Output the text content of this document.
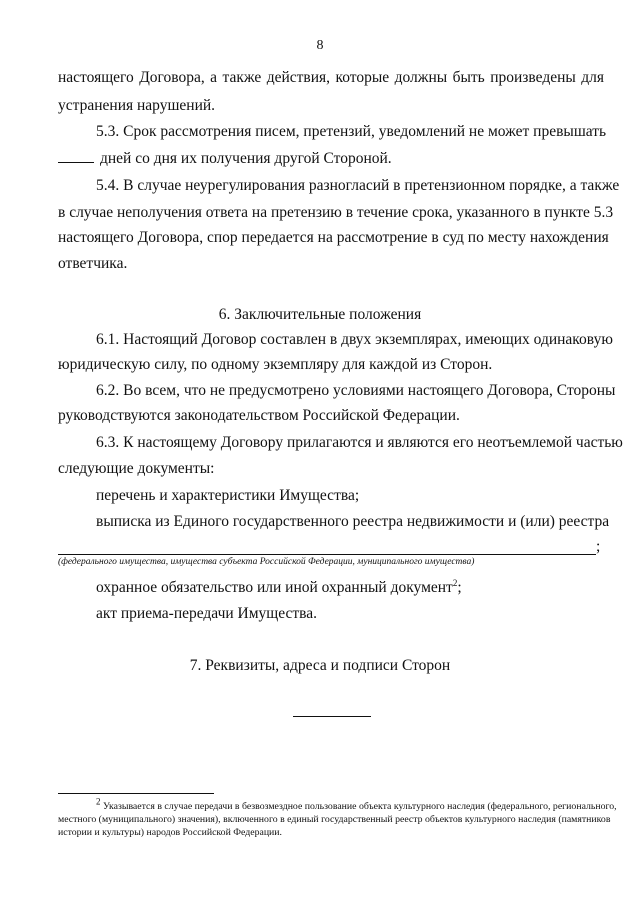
8
настоящего Договора, а также действия, которые должны быть произведены для
устранения нарушений.
5.3. Срок рассмотрения писем, претензий, уведомлений не может превышать
дней со дня их получения другой Стороной.
5.4. В случае неурегулирования разногласий в претензионном порядке, а также
в случае неполучения ответа на претензию в течение срока, указанного в пункте 5.3
настоящего Договора, спор передается на рассмотрение в суд по месту нахождения
ответчика.
6. Заключительные положения
6.1. Настоящий Договор составлен в двух экземплярах, имеющих одинаковую
юридическую силу, по одному экземпляру для каждой из Сторон.
6.2. Во всем, что не предусмотрено условиями настоящего Договора, Стороны
руководствуются законодательством Российской Федерации.
6.3. К настоящему Договору прилагаются и являются его неотъемлемой частью
следующие документы:
перечень и характеристики Имущества;
выписка из Единого государственного реестра недвижимости и (или) реестра
;
(федерального имущества, имущества субъекта Российской Федерации, муниципального имущества)
охранное обязательство или иной охранный документ$^2$;
акт приема-передачи Имущества.
7. Реквизиты, адреса и подписи Сторон
$^2$ Указывается в случае передачи в безвозмездное пользование объекта культурного наследия (федерального, регионального,
местного (муниципального) значения), включенного в единый государственный реестр объектов культурного наследия (памятников
истории и культуры) народов Российской Федерации.
